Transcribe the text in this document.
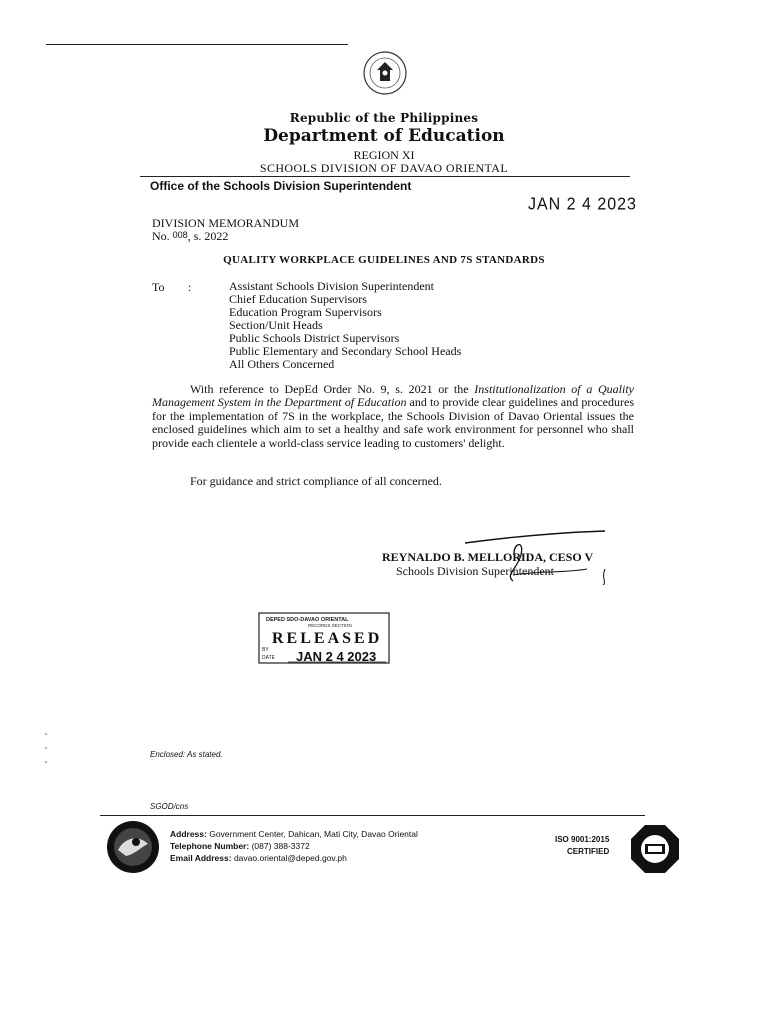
Republic of the Philippines
Department of Education
REGION XI
SCHOOLS DIVISION OF DAVAO ORIENTAL
Office of the Schools Division Superintendent
JAN 2 4 2023
DIVISION MEMORANDUM
No. 008, s. 2022
QUALITY WORKPLACE GUIDELINES AND 7S STANDARDS
To :	Assistant Schools Division Superintendent
Chief Education Supervisors
Education Program Supervisors
Section/Unit Heads
Public Schools District Supervisors
Public Elementary and Secondary School Heads
All Others Concerned

With reference to DepEd Order No. 9, s. 2021 or the Institutionalization of a Quality Management System in the Department of Education and to provide clear guidelines and procedures for the implementation of 7S in the workplace, the Schools Division of Davao Oriental issues the enclosed guidelines which aim to set a healthy and safe work environment for personnel who shall provide each clientele a world-class service leading to customers' delight.

For guidance and strict compliance of all concerned.
REYNALDO B. MELLORIDA, CESO V
Schools Division Superintendent
DEPED SDO-DAVAO ORIENTAL
RECORDS SECTION
RELEASED
BY
DATE JAN 2 4 2023
Enclosed: As stated.
SGOD/cns
Address: Government Center, Dahican, Mati City, Davao Oriental
Telephone Number: (087) 388-3372
Email Address: davao.oriental@deped.gov.ph
ISO 9001:2015
CERTIFIED
